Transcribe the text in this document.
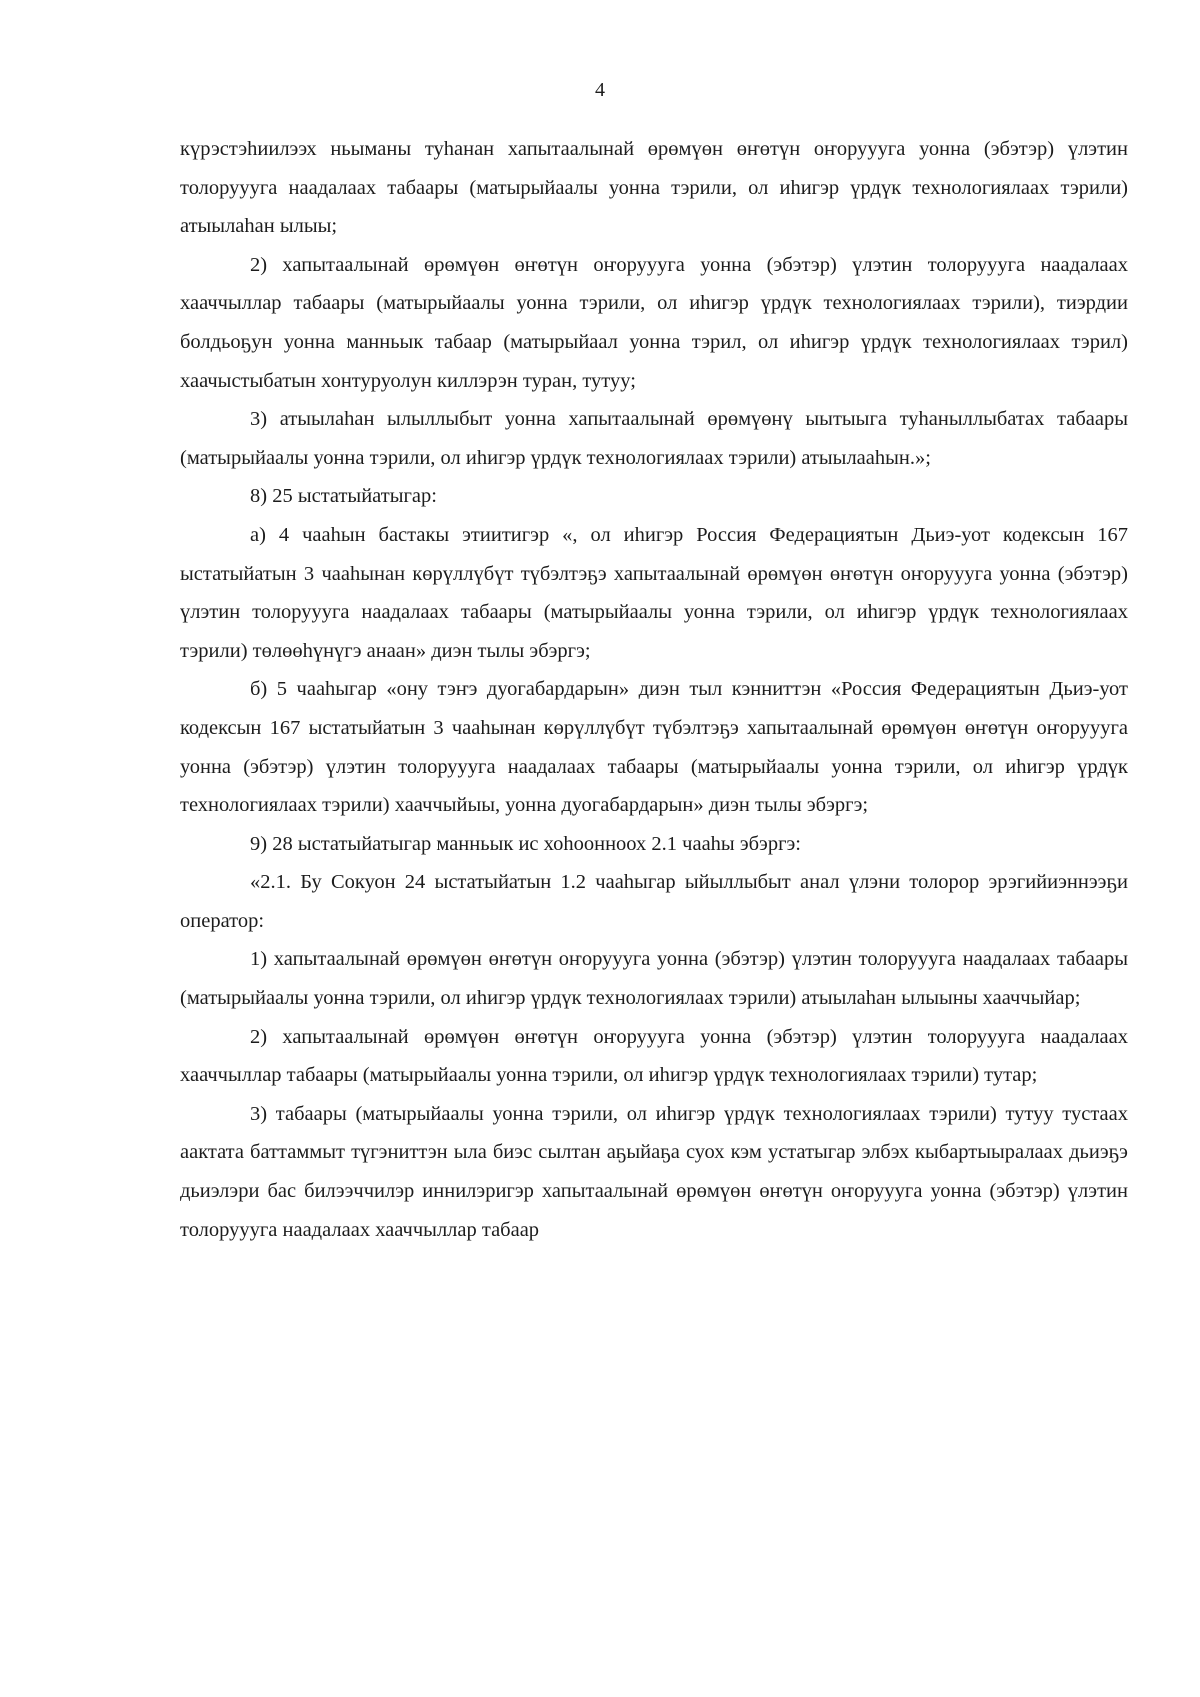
4

күрэстэһиилээх ньыманы туһанан хапытаалынай өрөмүөн өҥөтүн оҥоруууга уонна (эбэтэр) үлэтин толоруууга наадалаах табаары (матырыйаалы уонна тэрили, ол иһигэр үрдүк технологиялаах тэрили) атыылаһан ылыы;

2) хапытаалынай өрөмүөн өҥөтүн оҥоруууга уонна (эбэтэр) үлэтин толоруууга наадалаах хааччыллар табаары (матырыйаалы уонна тэрили, ол иһигэр үрдүк технологиялаах тэрили), тиэрдии болдьоҕун уонна манньык табаар (матырыйаал уонна тэрил, ол иһигэр үрдүк технологиялаах тэрил) хаачыстыбатын хонтуруолун киллэрэн туран, тутуу;

3) атыылаһан ылыллыбыт уонна хапытаалынай өрөмүөнү ыытыыга туһаныллыбатах табаары (матырыйаалы уонна тэрили, ол иһигэр үрдүк технологиялаах тэрили) атыылааһын.»;

8) 25 ыстатыйатыгар:

а) 4 чааһын бастакы этиитигэр «, ол иһигэр Россия Федерациятын Дьиэ-уот кодексын 167 ыстатыйатын 3 чааһынан көрүллүбүт түбэлтэҕэ хапытаалынай өрөмүөн өҥөтүн оҥоруууга уонна (эбэтэр) үлэтин толоруууга наадалаах табаары (матырыйаалы уонна тэрили, ол иһигэр үрдүк технологиялаах тэрили) төлөөһүнүгэ анаан» диэн тылы эбэргэ;

б) 5 чааһыгар «ону тэҥэ дуогабардарын» диэн тыл кэнниттэн «Россия Федерациятын Дьиэ-уот кодексын 167 ыстатыйатын 3 чааһынан көрүллүбүт түбэлтэҕэ хапытаалынай өрөмүөн өҥөтүн оҥоруууга уонна (эбэтэр) үлэтин толоруууга наадалаах табаары (матырыйаалы уонна тэрили, ол иһигэр үрдүк технологиялаах тэрили) хааччыйыы, уонна дуогабардарын» диэн тылы эбэргэ;

9) 28 ыстатыйатыгар манньык ис хоһоонноох 2.1 чааһы эбэргэ:

«2.1. Бу Сокуон 24 ыстатыйатын 1.2 чааһыгар ыйыллыбыт анал үлэни толорор эрэгийиэннээҕи оператор:

1) хапытаалынай өрөмүөн өҥөтүн оҥоруууга уонна (эбэтэр) үлэтин толоруууга наадалаах табаары (матырыйаалы уонна тэрили, ол иһигэр үрдүк технологиялаах тэрили) атыылаһан ылыыны хааччыйар;

2) хапытаалынай өрөмүөн өҥөтүн оҥоруууга уонна (эбэтэр) үлэтин толоруууга наадалаах хааччыллар табаары (матырыйаалы уонна тэрили, ол иһигэр үрдүк технологиялаах тэрили) тутар;

3) табаары (матырыйаалы уонна тэрили, ол иһигэр үрдүк технологиялаах тэрили) тутуу тустаах аактата баттаммыт түгэниттэн ыла биэс сылтан аҕыйаҕа суох кэм устатыгар элбэх кыбартыыралаах дьиэҕэ дьиэлэри бас билээччилэр иннилэригэр хапытаалынай өрөмүөн өҥөтүн оҥоруууга уонна (эбэтэр) үлэтин толоруууга наадалаах хааччыллар табаар
